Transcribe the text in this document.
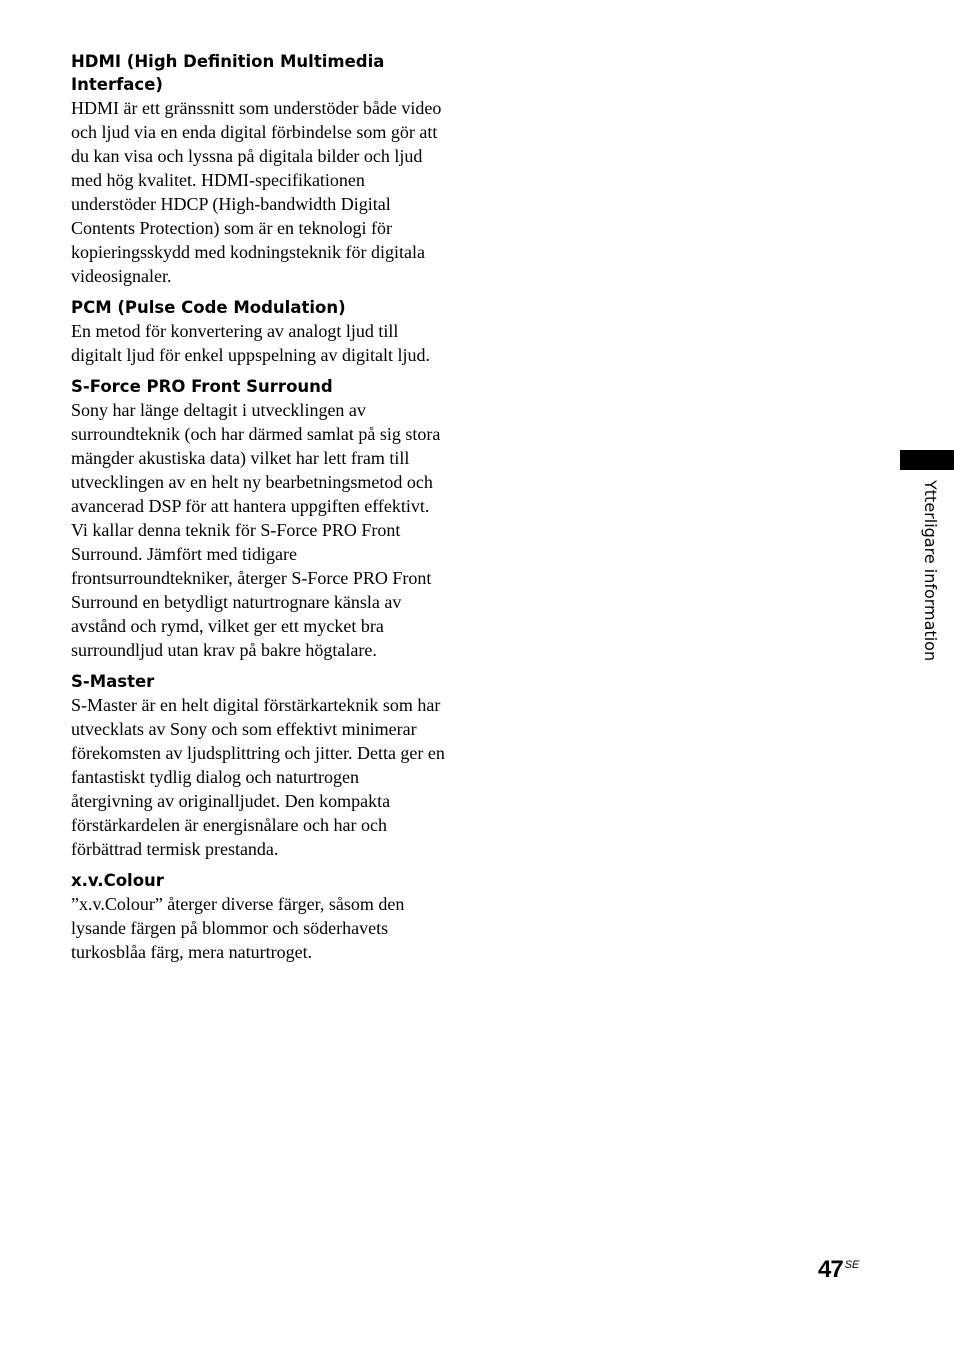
HDMI (High Definition Multimedia Interface)

HDMI är ett gränssnitt som understöder både video och ljud via en enda digital förbindelse som gör att du kan visa och lyssna på digitala bilder och ljud med hög kvalitet. HDMI-specifikationen understöder HDCP (High-bandwidth Digital Contents Protection) som är en teknologi för kopieringsskydd med kodningsteknik för digitala videosignaler.

PCM (Pulse Code Modulation)

En metod för konvertering av analogt ljud till digitalt ljud för enkel uppspelning av digitalt ljud.

S-Force PRO Front Surround

Sony har länge deltagit i utvecklingen av surroundteknik (och har därmed samlat på sig stora mängder akustiska data) vilket har lett fram till utvecklingen av en helt ny bearbetningsmetod och avancerad DSP för att hantera uppgiften effektivt. Vi kallar denna teknik för S-Force PRO Front Surround. Jämfört med tidigare frontsurroundtekniker, återger S-Force PRO Front Surround en betydligt naturtrognare känsla av avstånd och rymd, vilket ger ett mycket bra surroundljud utan krav på bakre högtalare.

S-Master

S-Master är en helt digital förstärkarteknik som har utvecklats av Sony och som effektivt minimerar förekomsten av ljudsplittring och jitter. Detta ger en fantastiskt tydlig dialog och naturtrogen återgivning av originalljudet. Den kompakta förstärkardelen är energisnålare och har och förbättrad termisk prestanda.

x.v.Colour

”x.v.Colour” återger diverse färger, såsom den lysande färgen på blommor och söderhavets turkosblåa färg, mera naturtroget.

Ytterligare information
47 $^{SE}$
